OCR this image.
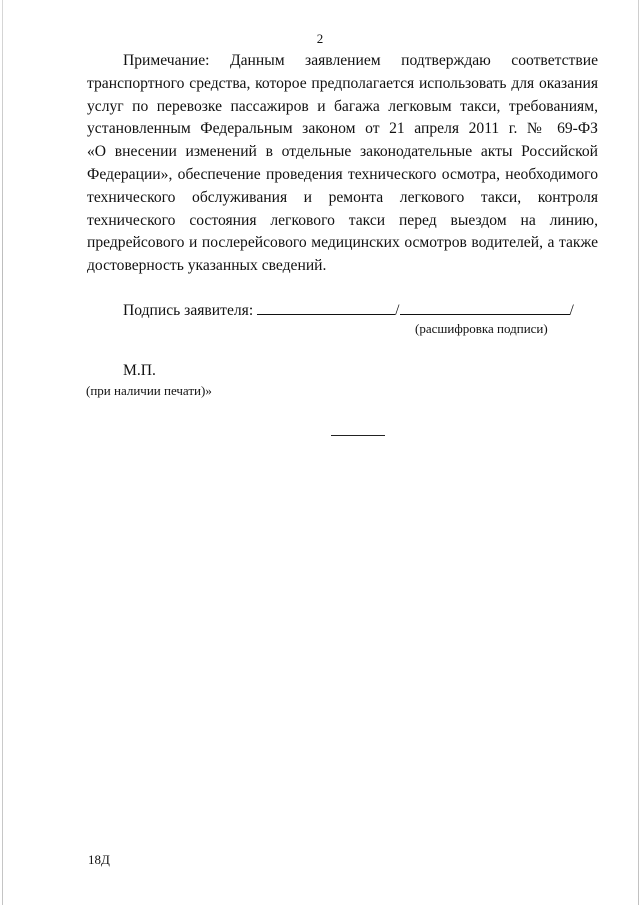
2

Примечание: Данным заявлением подтверждаю соответствие
транспортного средства, которое предполагается использовать для оказания
услуг по перевозке пассажиров и багажа легковым такси, требованиям,
установленным Федеральным законом от 21 апреля 2011 г. № 69-ФЗ
«О внесении изменений в отдельные законодательные акты Российской
Федерации», обеспечение проведения технического осмотра, необходимого
технического обслуживания и ремонта легкового такси, контроля
технического состояния легкового такси перед выездом на линию,
предрейсового и послерейсового медицинских осмотров водителей, а также
достоверность указанных сведений.

Подпись заявителя:	/	/
(расшифровка подписи)
М.П.
(при наличии печати)»
18Д
